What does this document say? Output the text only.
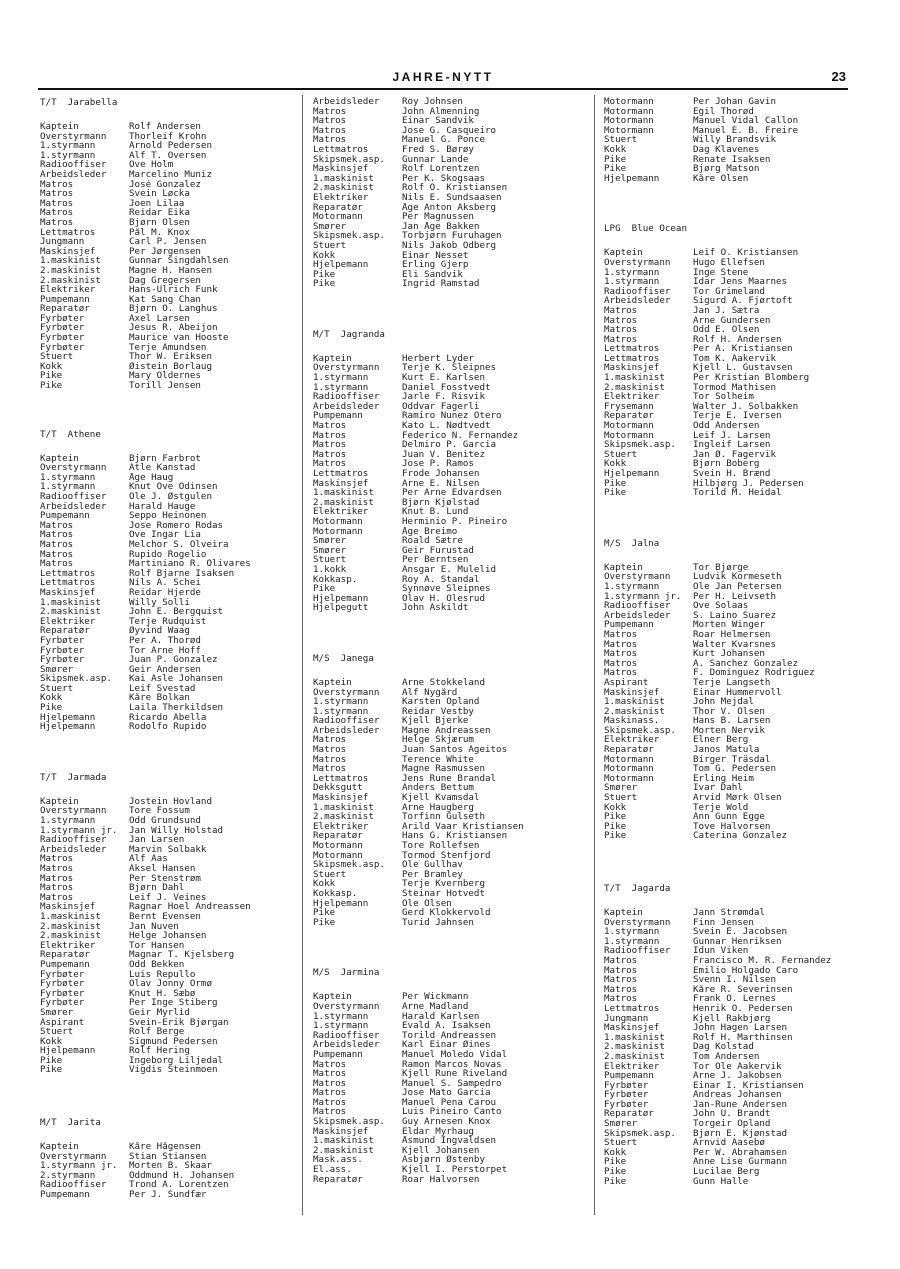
JAHRE-NYTT	23
T/T  Jarabella
Kaptein	Rolf Andersen
Overstyrmann	Thorleif Krohn
1.styrmann	Arnold Pedersen
1.styrmann	Alf T. Oversen
Radiooffiser	Ove Holm
Arbeidsleder	Marcelino Muniz
Matros	José Gonzalez
Matros	Svein Løcka
Matros	Joen Lilaa
Matros	Reidar Eika
Matros	Bjørn Olsen
Lettmatros	Pål M. Knox
Jungmann	Carl P. Jensen
Maskinsjef	Per Jørgensen
1.maskinist	Gunnar Singdahlsen
2.maskinist	Magne H. Hansen
2.maskinist	Dag Gregersen
Elektriker	Hans-Ulrich Funk
Pumpemann	Kat Sang Chan
Reparatør	Bjørn O. Langhus
Fyrbøter	Axel Larsen
Fyrbøter	Jesus R. Abeijon
Fyrbøter	Maurice van Hooste
Fyrbøter	Terje Amundsen
Stuert	Thor W. Eriksen
Kokk	Øistein Borlaug
Pike	Mary Oldernes
Pike	Torill Jensen
T/T  Athene
Kaptein	Bjørn Farbrot
Overstyrmann	Atle Kanstad
1.styrmann	Åge Haug
1.styrmann	Knut Ove Odinsen
Radiooffiser	Ole J. Østgulen
Arbeidsleder	Harald Hauge
Pumpemann	Seppo Heinonen
Matros	Jose Romero Rodas
Matros	Ove Ingar Lia
Matros	Melchor S. Olveira
Matros	Rupido Rogelio
Matros	Martiniano R. Olivares
Lettmatros	Rolf Bjarne Isaksen
Lettmatros	Nils A. Schei
Maskinsjef	Reidar Hjerde
1.maskinist	Willy Solli
2.maskinist	John E. Bergquist
Elektriker	Terje Rudquist
Reparatør	Øyvind Waag
Fyrbøter	Per A. Thorød
Fyrbøter	Tor Arne Hoff
Fyrbøter	Juan P. Gonzalez
Smører	Geir Andersen
Skipsmek.asp.	Kai Asle Johansen
Stuert	Leif Svestad
Kokk	Kåre Bolkan
Pike	Laila Therkildsen
Hjelpemann	Ricardo Abella
Hjelpemann	Rodolfo Rupido
T/T  Jarmada
Kaptein	Jostein Hovland
Overstyrmann	Tore Fossum
1.styrmann	Odd Grundsund
1.styrmann jr.	Jan Willy Holstad
Radiooffiser	Jan Larsen
Arbeidsleder	Marvin Solbakk
Matros	Alf Aas
Matros	Aksel Hansen
Matros	Per Stenstrøm
Matros	Bjørn Dahl
Matros	Leif J. Veines
Maskinsjef	Ragnar Hoel Andreassen
1.maskinist	Bernt Evensen
2.maskinist	Jan Nuven
2.maskinist	Helge Johansen
Elektriker	Tor Hansen
Reparatør	Magnar T. Kjelsberg
Pumpemann	Odd Bekken
Fyrbøter	Luis Repullo
Fyrbøter	Olav Jonny Ormø
Fyrbøter	Knut H. Sæbø
Fyrbøter	Per Inge Stiberg
Smører	Geir Myrlid
Aspirant	Svein-Erik Bjørgan
Stuert	Rolf Berge
Kokk	Sigmund Pedersen
Hjelpemann	Rolf Hering
Pike	Ingeborg Liljedal
Pike	Vigdis Steinmoen
M/T  Jarita
Kaptein	Kåre Hågensen
Overstyrmann	Stian Stiansen
1.styrmann jr.	Morten B. Skaar
2.styrmann	Oddmund H. Johansen
Radiooffiser	Trond A. Lorentzen
Pumpemann	Per J. Sundfær
Arbeidsleder	Roy Johnsen
Matros	John Almenning
Matros	Einar Sandvik
Matros	Jose G. Casqueiro
Matros	Manuel G. Ponce
Lettmatros	Fred S. Børøy
Skipsmek.asp.	Gunnar Lande
Maskinsjef	Rolf Lorentzen
1.maskinist	Per K. Skogsaas
2.maskinist	Rolf O. Kristiansen
Elektriker	Nils E. Sundsaasen
Reparatør	Åge Anton Aksberg
Motormann	Per Magnussen
Smører	Jan Åge Bakken
Skipsmek.asp.	Torbjørn Furuhagen
Stuert	Nils Jakob Odberg
Kokk	Einar Nesset
Hjelpemann	Erling Gjerp
Pike	Eli Sandvik
Pike	Ingrid Ramstad
M/T  Jagranda
Kaptein	Herbert Lyder
Overstyrmann	Terje K. Sleipnes
1.styrmann	Kurt E. Karlsen
1.styrmann	Daniel Fosstvedt
Radiooffiser	Jarle F. Risvik
Arbeidsleder	Oddvar Fagerli
Pumpemann	Ramiro Nunez Otero
Matros	Kato L. Nødtvedt
Matros	Federico N. Fernandez
Matros	Delmiro P. Garcia
Matros	Juan V. Benitez
Matros	Jose P. Ramos
Lettmatros	Frode Johansen
Maskinsjef	Arne E. Nilsen
1.maskinist	Per Arne Edvardsen
2.maskinist	Bjørn Kjølstad
Elektriker	Knut B. Lund
Motormann	Herminio P. Pineiro
Motormann	Åge Breimo
Smører	Roald Sætre
Smører	Geir Furustad
Stuert	Per Berntsen
1.kokk	Ansgar E. Mulelid
Kokkasp.	Roy A. Standal
Pike	Synnøve Sleipnes
Hjelpemann	Olav H. Olesrud
Hjelpegutt	John Askildt
M/S  Janega
Kaptein	Arne Stokkeland
Overstyrmann	Alf Nygård
1.styrmann	Karsten Opland
1.styrmann	Reidar Vestby
Radiooffiser	Kjell Bjerke
Arbeidsleder	Magne Andreassen
Matros	Helge Skjærum
Matros	Juan Santos Ageitos
Matros	Terence White
Matros	Magne Rasmussen
Lettmatros	Jens Rune Brandal
Dekksgutt	Anders Bettum
Maskinsjef	Kjell Kvamsdal
1.maskinist	Arne Haugberg
2.maskinist	Torfinn Gulseth
Elektriker	Arild Vaar Kristiansen
Reparatør	Hans G. Kristiansen
Motormann	Tore Rollefsen
Motormann	Tormod Stenfjord
Skipsmek.asp.	Ole Gullhav
Stuert	Per Bramley
Kokk	Terje Kvernberg
Kokkasp.	Steinar Hotvedt
Hjelpemann	Ole Olsen
Pike	Gerd Klokkervold
Pike	Turid Jahnsen
M/S  Jarmina
Kaptein	Per Wickmann
Overstyrmann	Arne Madland
1.styrmann	Harald Karlsen
1.styrmann	Evald A. Isaksen
Radiooffiser	Torild Andreassen
Arbeidsleder	Karl Einar Øines
Pumpemann	Manuel Moledo Vidal
Matros	Ramon Marcos Novas
Matros	Kjell Rune Riveland
Matros	Manuel S. Sampedro
Matros	Jose Mato Garcia
Matros	Manuel Pena Carou
Matros	Luis Pineiro Canto
Skipsmek.asp.	Guy Arnesen Knox
Maskinsjef	Eldar Myrhaug
1.maskinist	Åsmund Ingvaldsen
2.maskinist	Kjell Johansen
Mask.ass.	Asbjørn Østenby
El.ass.	Kjell I. Perstorpet
Reparatør	Roar Halvorsen
Motormann	Per Johan Gavin
Motormann	Egil Thorød
Motormann	Manuel Vidal Callon
Motormann	Manuel E. B. Freire
Stuert	Willy Brandsvik
Kokk	Dag Klavenes
Pike	Renate Isaksen
Pike	Bjørg Matson
Hjelpemann	Kåre Olsen
LPG  Blue Ocean
Kaptein	Leif O. Kristiansen
Overstyrmann	Hugo Ellefsen
1.styrmann	Inge Stene
1.styrmann	Idar Jens Maarnes
Radiooffiser	Tor Grimeland
Arbeidsleder	Sigurd A. Fjørtoft
Matros	Jan J. Sætra
Matros	Arne Gundersen
Matros	Odd E. Olsen
Matros	Rolf H. Andersen
Lettmatros	Per A. Kristiansen
Lettmatros	Tom K. Aakervik
Maskinsjef	Kjell L. Gustavsen
1.maskinist	Per Kristian Blomberg
2.maskinist	Tormod Mathisen
Elektriker	Tor Solheim
Frysemann	Walter J. Solbakken
Reparatør	Terje E. Iversen
Motormann	Odd Andersen
Motormann	Leif J. Larsen
Skipsmek.asp.	Ingleif Larsen
Stuert	Jan Ø. Fagervik
Kokk	Bjørn Boberg
Hjelpemann	Svein H. Brænd
Pike	Hilbjørg J. Pedersen
Pike	Torild M. Heidal
M/S  Jalna
Kaptein	Tor Bjørge
Overstyrmann	Ludvik Kormeseth
1.styrmann	Ole Jan Petersen
1.styrmann jr.	Per H. Leivseth
Radiooffiser	Ove Solaas
Arbeidsleder	S. Laino Suarez
Pumpemann	Morten Winger
Matros	Roar Helmersen
Matros	Walter Kvarsnes
Matros	Kurt Johansen
Matros	A. Sanchez Gonzalez
Matros	F. Dominguez Rodriguez
Aspirant	Terje Langseth
Maskinsjef	Einar Hummervoll
1.maskinist	John Mejdal
2.maskinist	Thor V. Olsen
Maskinass.	Hans B. Larsen
Skipsmek.asp.	Morten Nervik
Elektriker	Elner Berg
Reparatør	Janos Matula
Motormann	Birger Träsdal
Motormann	Tom G. Pedersen
Motormann	Erling Heim
Smører	Ivar Dahl
Stuert	Arvid Mørk Olsen
Kokk	Terje Wold
Pike	Ann Gunn Egge
Pike	Tove Halvorsen
Pike	Caterina Gonzalez
T/T  Jagarda
Kaptein	Jann Strømdal
Overstyrmann	Finn Jensen
1.styrmann	Svein E. Jacobsen
1.styrmann	Gunnar Henriksen
Radiooffiser	Idun Viken
Matros	Francisco M. R. Fernandez
Matros	Emilio Holgado Caro
Matros	Svenn I. Nilsen
Matros	Kåre R. Severinsen
Matros	Frank O. Lernes
Lettmatros	Henrik O. Pedersen
Jungmann	Kjell Rakbjørg
Maskinsjef	John Hagen Larsen
1.maskinist	Rolf H. Marthinsen
2.maskinist	Dag Kolstad
2.maskinist	Tom Andersen
Elektriker	Tor Ole Aakervik
Pumpemann	Arne J. Jakobsen
Fyrbøter	Einar I. Kristiansen
Fyrbøter	Andreas Johansen
Fyrbøter	Jan-Rune Andersen
Reparatør	John U. Brandt
Smører	Torgeir Opland
Skipsmek.asp.	Bjørn E. Kjønstad
Stuert	Arnvid Aasebø
Kokk	Per W. Abrahamsen
Pike	Anne Lise Gurmann
Pike	Lucilae Berg
Pike	Gunn Halle
